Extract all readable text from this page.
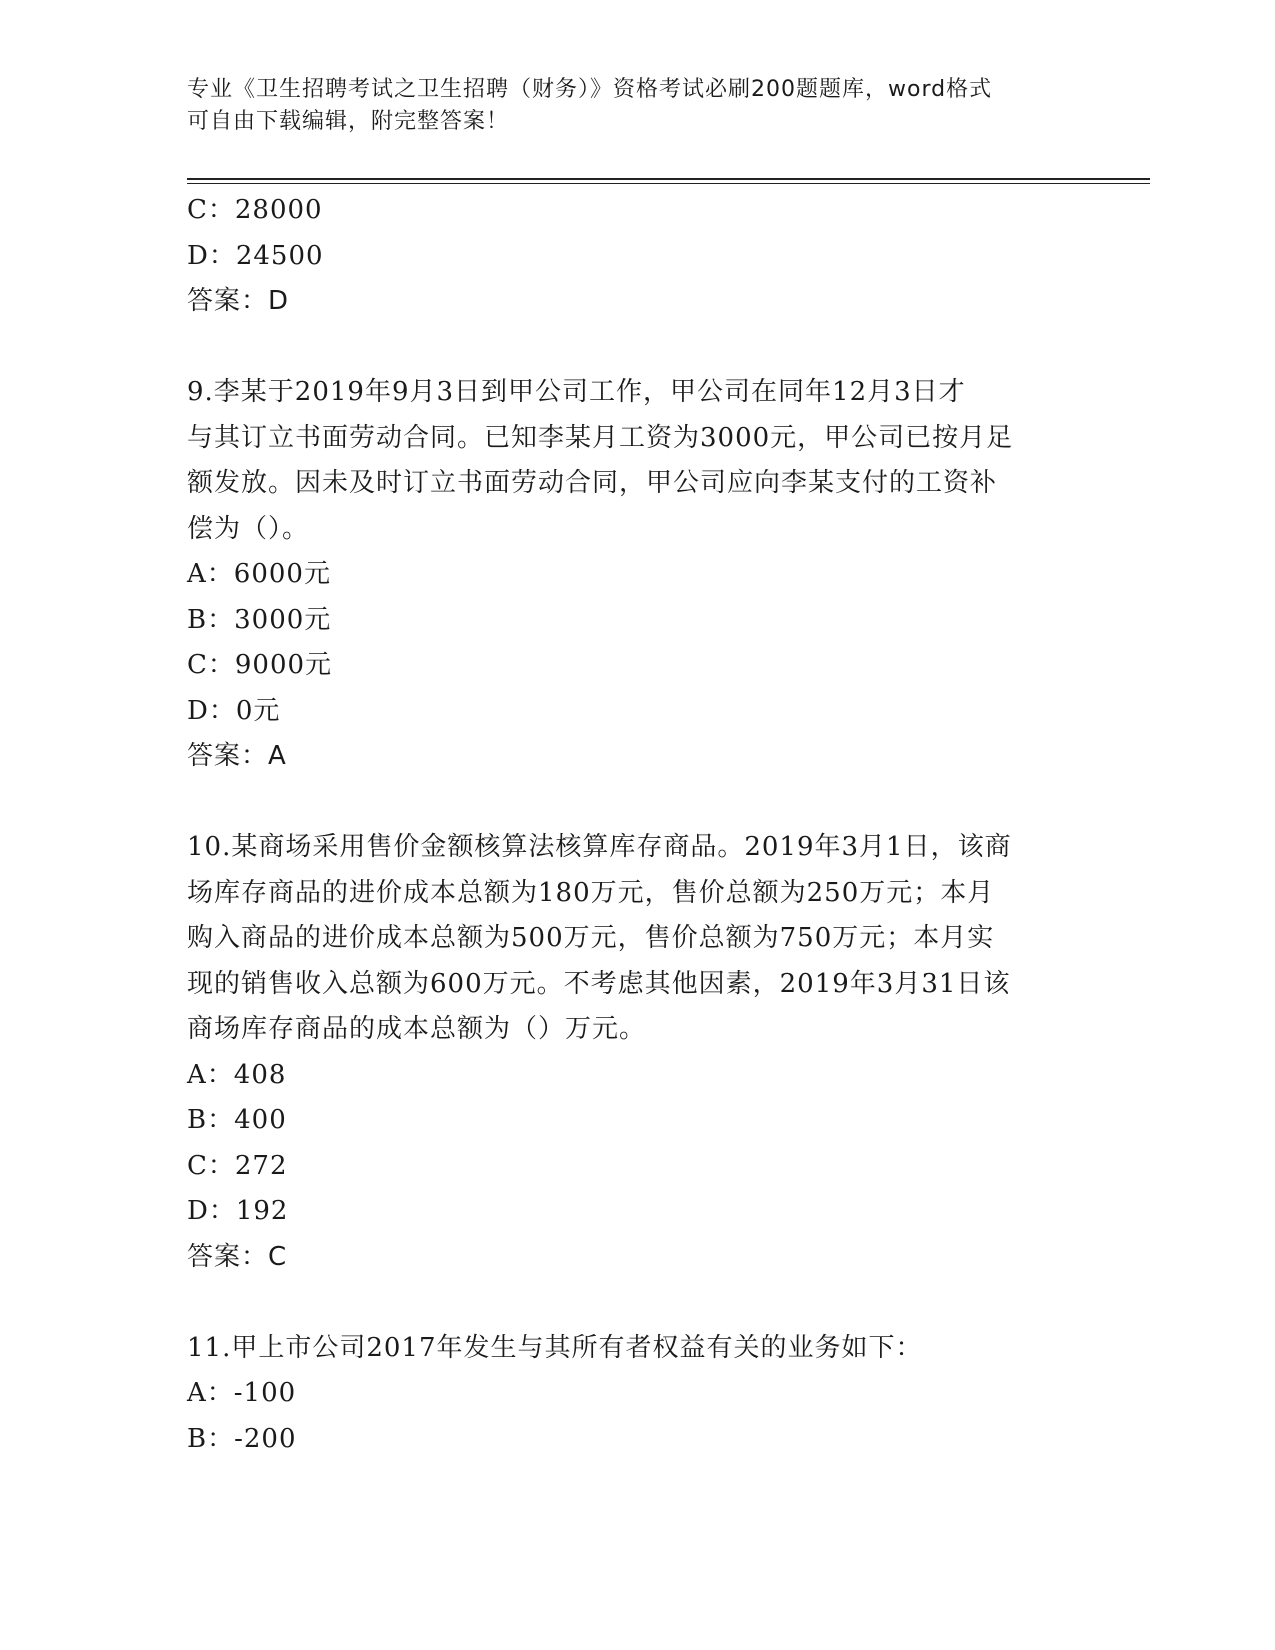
专业《卫生招聘考试之卫生招聘（财务）》资格考试必刷200题题库，word格式
可自由下载编辑，附完整答案！
C：28000
D：24500
答案：D
9.李某于2019年9月3日到甲公司工作，甲公司在同年12月3日才
与其订立书面劳动合同。已知李某月工资为3000元，甲公司已按月足
额发放。因未及时订立书面劳动合同，甲公司应向李某支付的工资补
偿为（）。
A：6000元
B：3000元
C：9000元
D：0元
答案：A
10.某商场采用售价金额核算法核算库存商品。2019年3月1日，该商
场库存商品的进价成本总额为180万元，售价总额为250万元；本月
购入商品的进价成本总额为500万元，售价总额为750万元；本月实
现的销售收入总额为600万元。不考虑其他因素，2019年3月31日该
商场库存商品的成本总额为（）万元。
A：408
B：400
C：272
D：192
答案：C
11.甲上市公司2017年发生与其所有者权益有关的业务如下：
A：-100
B：-200
